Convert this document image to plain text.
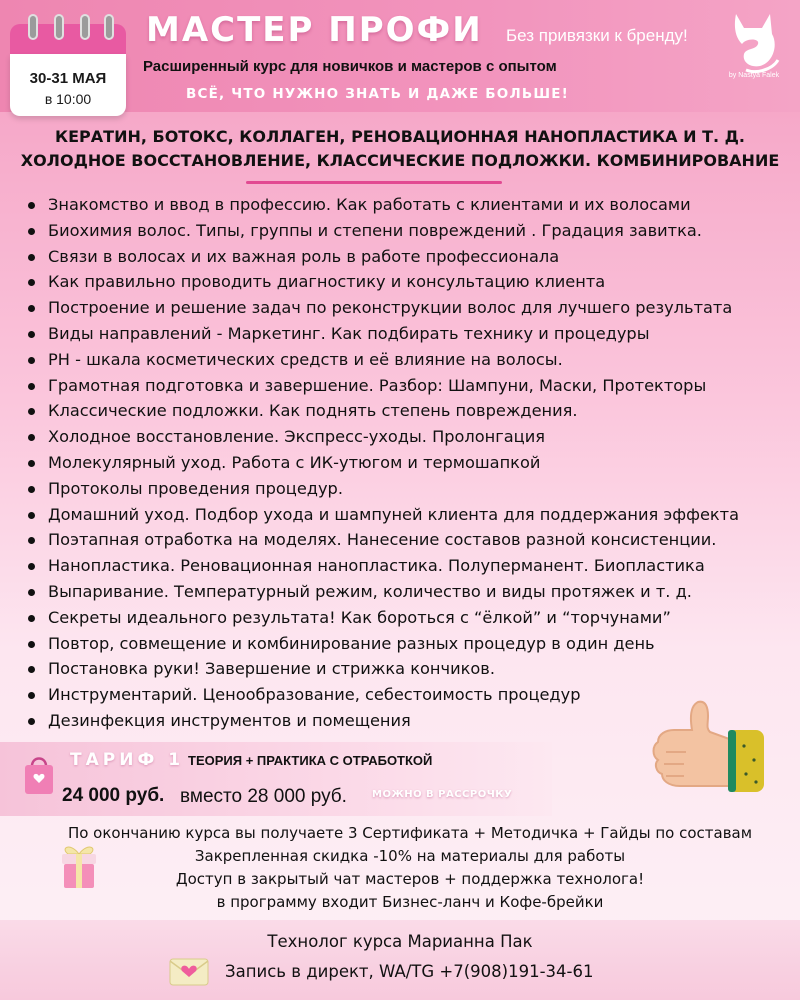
30-31 МАЯ
в 10:00
МАСТЕР ПРОФИ Без привязки к бренду!
by Nastya Falek
Расширенный курс для новичков и мастеров с опытом
ВСЁ, ЧТО НУЖНО ЗНАТЬ И ДАЖЕ БОЛЬШЕ!
КЕРАТИН, БОТОКС, КОЛЛАГЕН, РЕНОВАЦИОННАЯ НАНОПЛАСТИКА И Т. Д.
ХОЛОДНОЕ ВОССТАНОВЛЕНИЕ, КЛАССИЧЕСКИЕ ПОДЛОЖКИ. КОМБИНИРОВАНИЕ
Знакомство и ввод в профессию. Как работать с клиентами и их волосами
Биохимия волос. Типы, группы и степени повреждений . Градация завитка.
Связи в волосах и их важная роль в работе профессионала
Как правильно проводить диагностику и консультацию клиента
Построение и решение задач по реконструкции волос для лучшего результата
Виды направлений - Маркетинг. Как подбирать технику и процедуры
PH - шкала косметических средств и её влияние на волосы.
Грамотная подготовка и завершение. Разбор: Шампуни, Маски, Протекторы
Классические подложки. Как поднять степень повреждения.
Холодное восстановление. Экспресс-уходы. Пролонгация
Молекулярный уход. Работа с ИК-утюгом и термошапкой
Протоколы проведения процедур.
Домашний уход. Подбор ухода и шампуней клиента для поддержания эффекта
Поэтапная отработка на моделях. Нанесение составов разной консистенции.
Нанопластика. Реновационная нанопластика. Полуперманент. Биопластика
Выпаривание. Температурный режим, количество и виды протяжек и т. д.
Секреты идеального результата! Как бороться с “ёлкой” и “торчунами”
Повтор, совмещение и комбинирование разных процедур в один день
Постановка руки! Завершение и стрижка кончиков.
Инструментарий. Ценообразование, себестоимость процедур
Дезинфекция инструментов и помещения
ТАРИФ 1 ТЕОРИЯ + ПРАКТИКА С ОТРАБОТКОЙ
24 000 руб. вместо 28 000 руб.	МОЖНО В РАССРОЧКУ
По окончанию курса вы получаете 3 Сертификата + Методичка + Гайды по составам
Закрепленная скидка -10% на материалы для работы
Доступ в закрытый чат мастеров + поддержка технолога!
в программу входит Бизнес-ланч и Кофе-брейки
Технолог курса Марианна Пак
Запись в директ, WA/TG +7(908)191-34-61
